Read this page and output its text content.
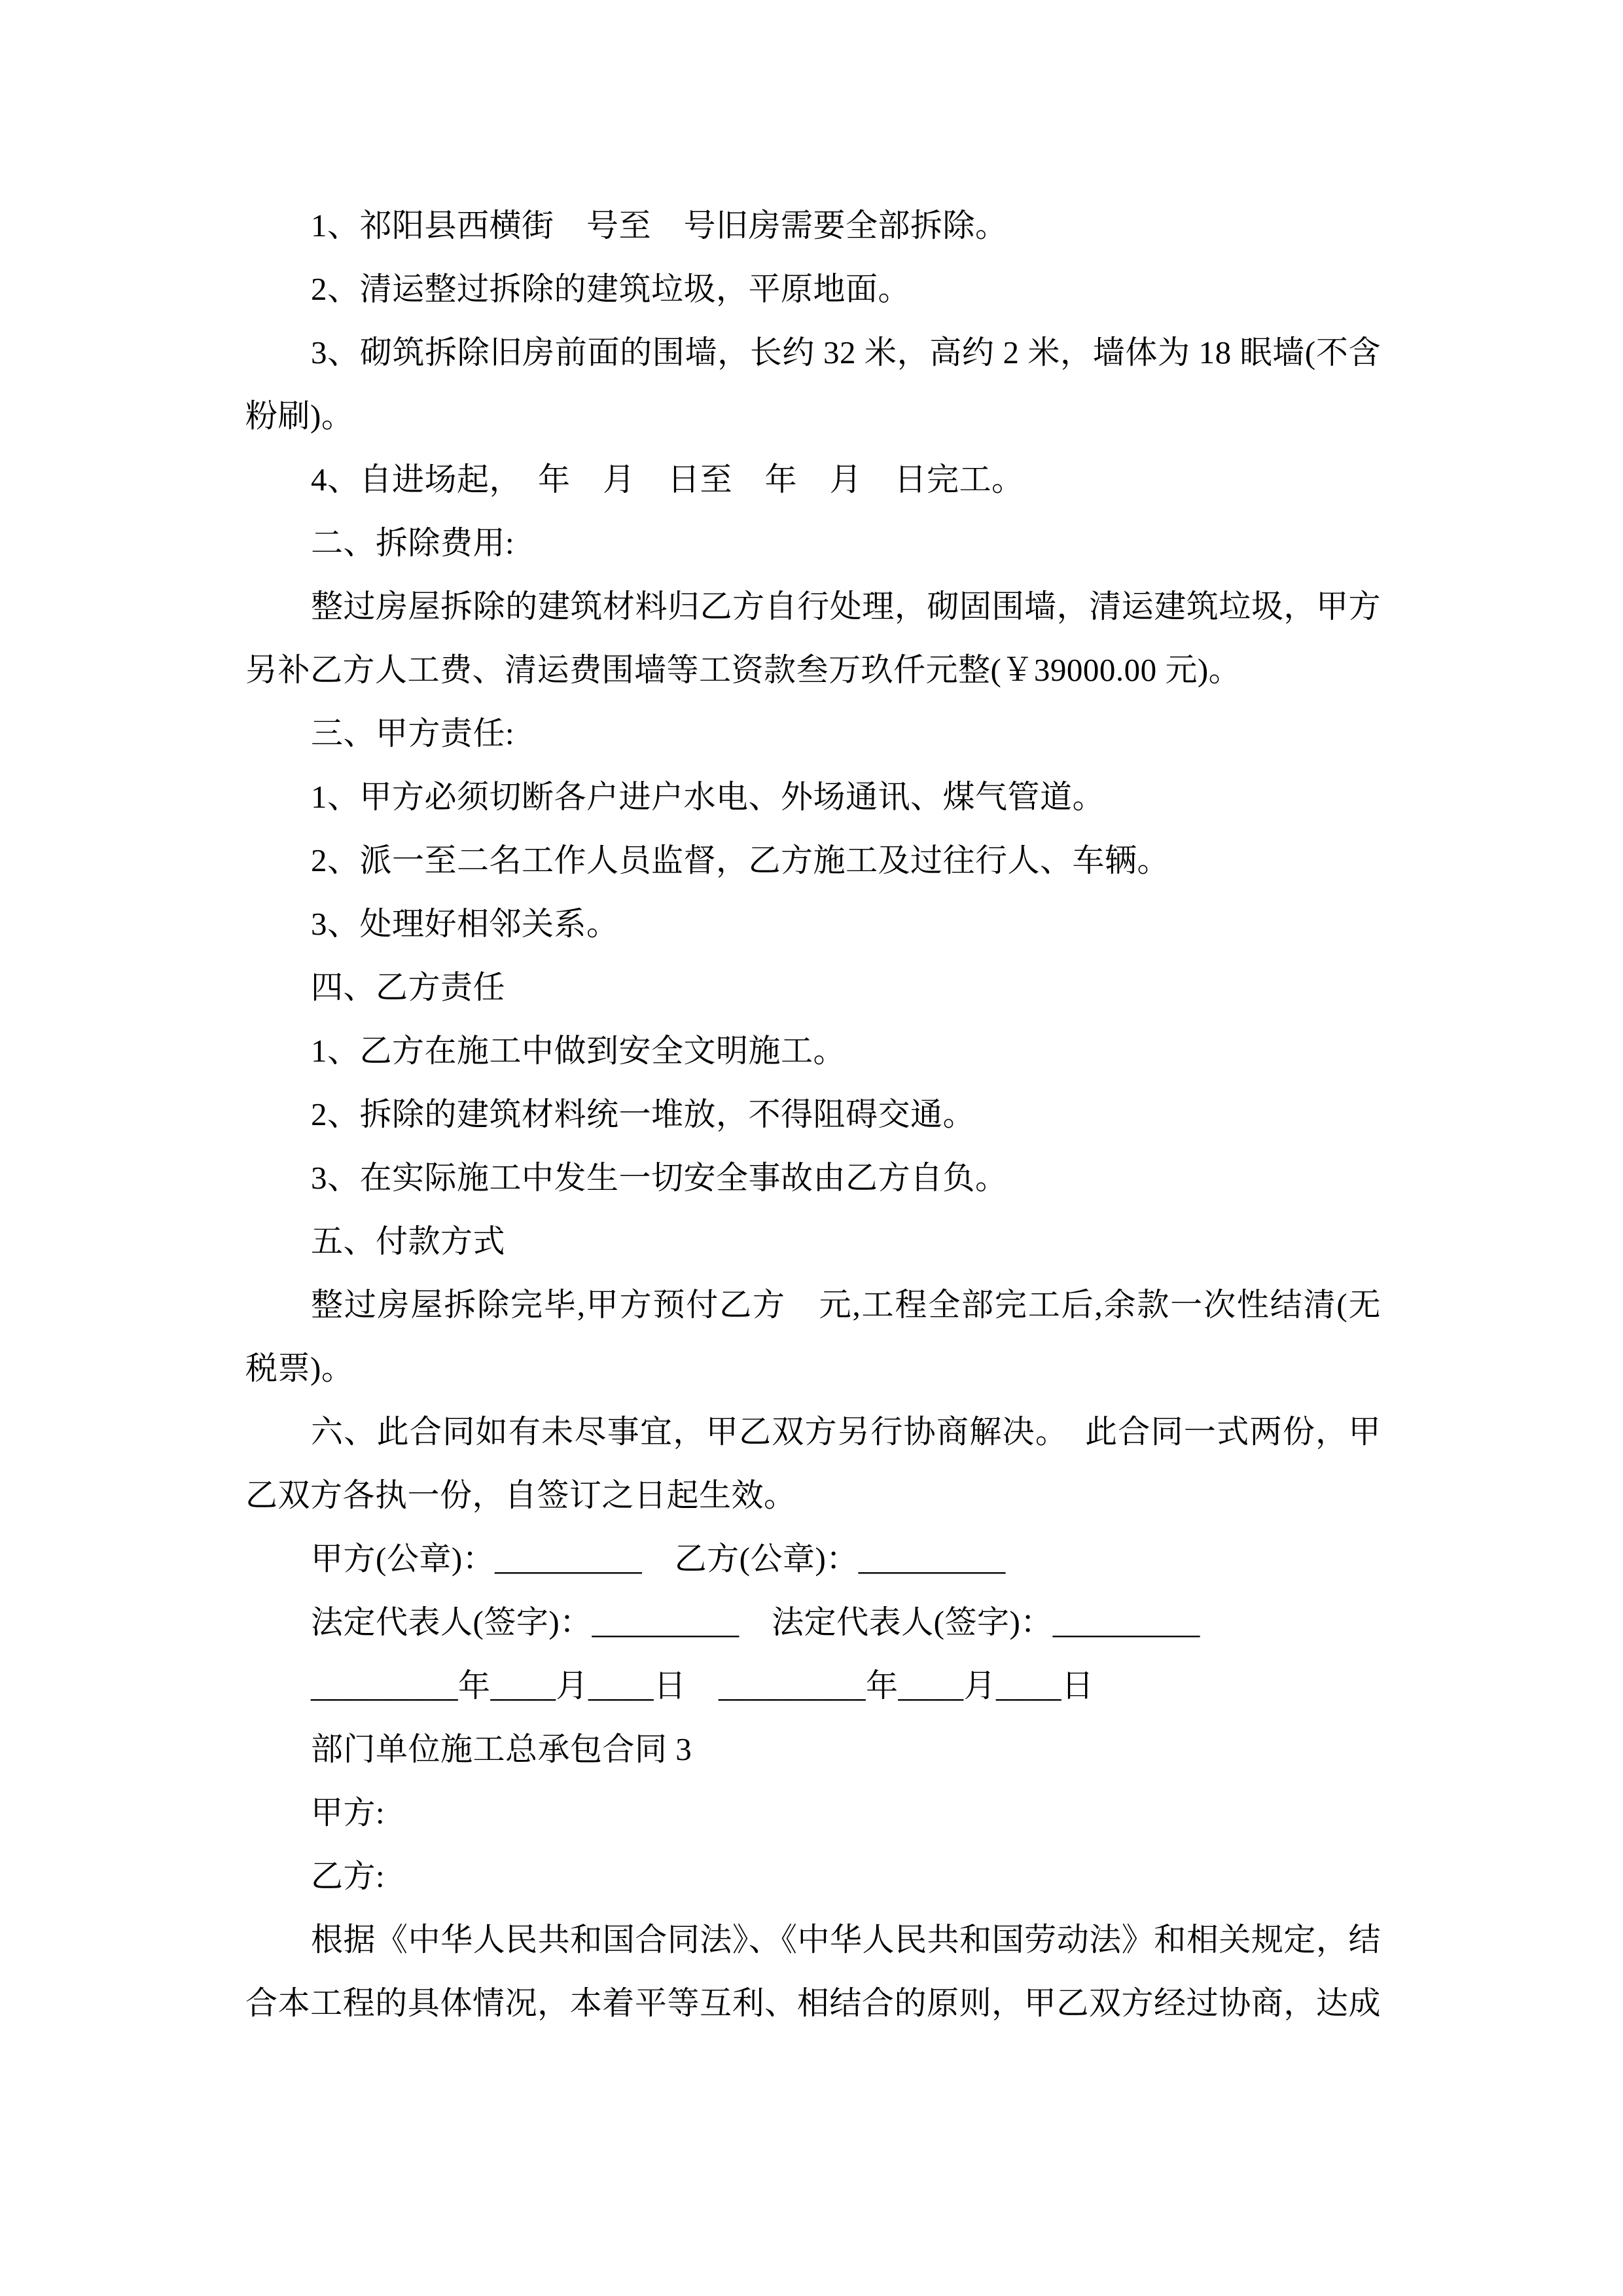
1、祁阳县西横街　号至　号旧房需要全部拆除。
2、清运整过拆除的建筑垃圾，平原地面。
3、砌筑拆除旧房前面的围墙，长约 32 米，高约 2 米，墙体为 18 眠墙(不含
粉刷)。
4、自进场起，　年　月　日至　年　月　日完工。
二、拆除费用:
整过房屋拆除的建筑材料归乙方自行处理，砌固围墙，清运建筑垃圾，甲方
另补乙方人工费、清运费围墙等工资款叁万玖仟元整(￥39000.00 元)。
三、甲方责任:
1、甲方必须切断各户进户水电、外场通讯、煤气管道。
2、派一至二名工作人员监督，乙方施工及过往行人、车辆。
3、处理好相邻关系。
四、乙方责任
1、乙方在施工中做到安全文明施工。
2、拆除的建筑材料统一堆放，不得阻碍交通。
3、在实际施工中发生一切安全事故由乙方自负。
五、付款方式
整过房屋拆除完毕,甲方预付乙方　元,工程全部完工后,余款一次性结清(无
税票)。
六、此合同如有未尽事宜，甲乙双方另行协商解决。　此合同一式两份，甲
乙双方各执一份，自签订之日起生效。
甲方(公章)：_________　乙方(公章)：_________
法定代表人(签字)：_________　法定代表人(签字)：_________
_________年____月____日　_________年____月____日
部门单位施工总承包合同 3
甲方:
乙方:
根据《中华人民共和国合同法》、《中华人民共和国劳动法》和相关规定，结
合本工程的具体情况，本着平等互利、相结合的原则，甲乙双方经过协商，达成
